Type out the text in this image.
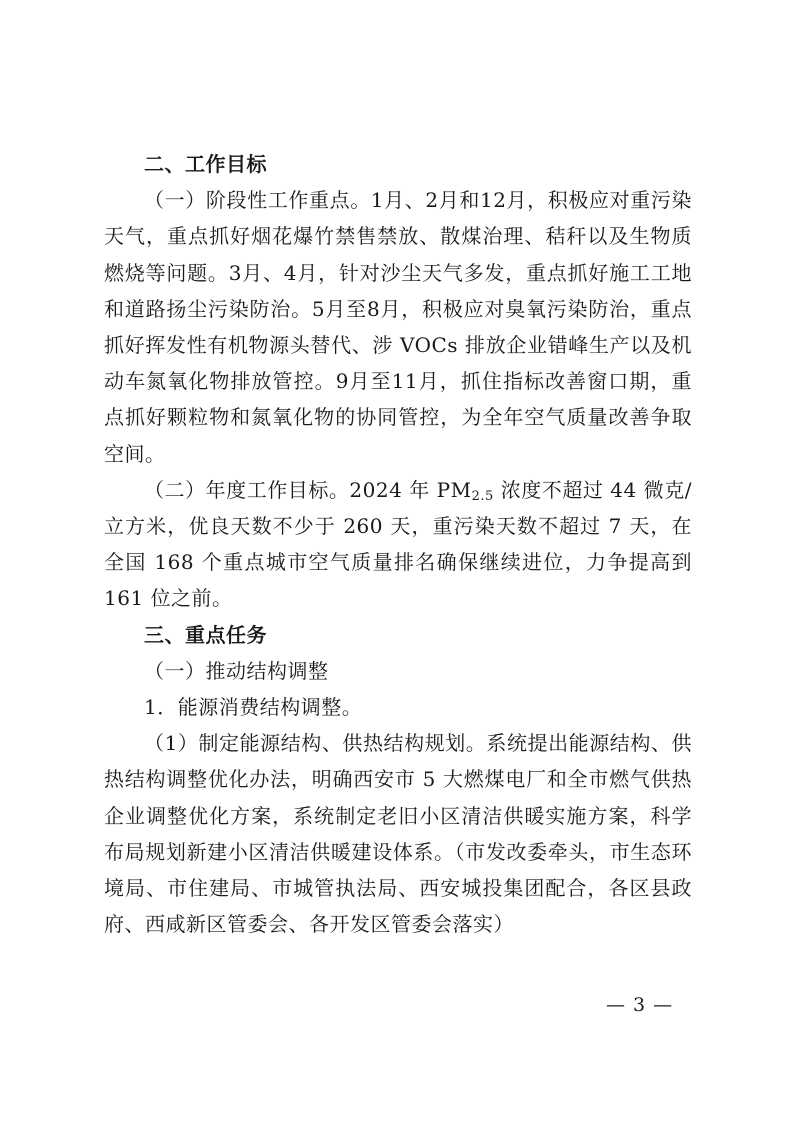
二、工作目标

（一）阶段性工作重点。1月、2月和12月，积极应对重污染天气，重点抓好烟花爆竹禁售禁放、散煤治理、秸秆以及生物质燃烧等问题。3月、4月，针对沙尘天气多发，重点抓好施工工地和道路扬尘污染防治。5月至8月，积极应对臭氧污染防治，重点抓好挥发性有机物源头替代、涉 VOCs 排放企业错峰生产以及机动车氮氧化物排放管控。9月至11月，抓住指标改善窗口期，重点抓好颗粒物和氮氧化物的协同管控，为全年空气质量改善争取空间。

（二）年度工作目标。2024 年 $PM_{2.5}$ 浓度不超过 44 微克/立方米，优良天数不少于 260 天，重污染天数不超过 7 天，在全国 168 个重点城市空气质量排名确保继续进位，力争提高到 161 位之前。

三、重点任务

（一）推动结构调整

1．能源消费结构调整。

（1）制定能源结构、供热结构规划。系统提出能源结构、供热结构调整优化办法，明确西安市 5 大燃煤电厂和全市燃气供热企业调整优化方案，系统制定老旧小区清洁供暖实施方案，科学布局规划新建小区清洁供暖建设体系。（市发改委牵头，市生态环境局、市住建局、市城管执法局、西安城投集团配合，各区县政府、西咸新区管委会、各开发区管委会落实）

— 3 —
